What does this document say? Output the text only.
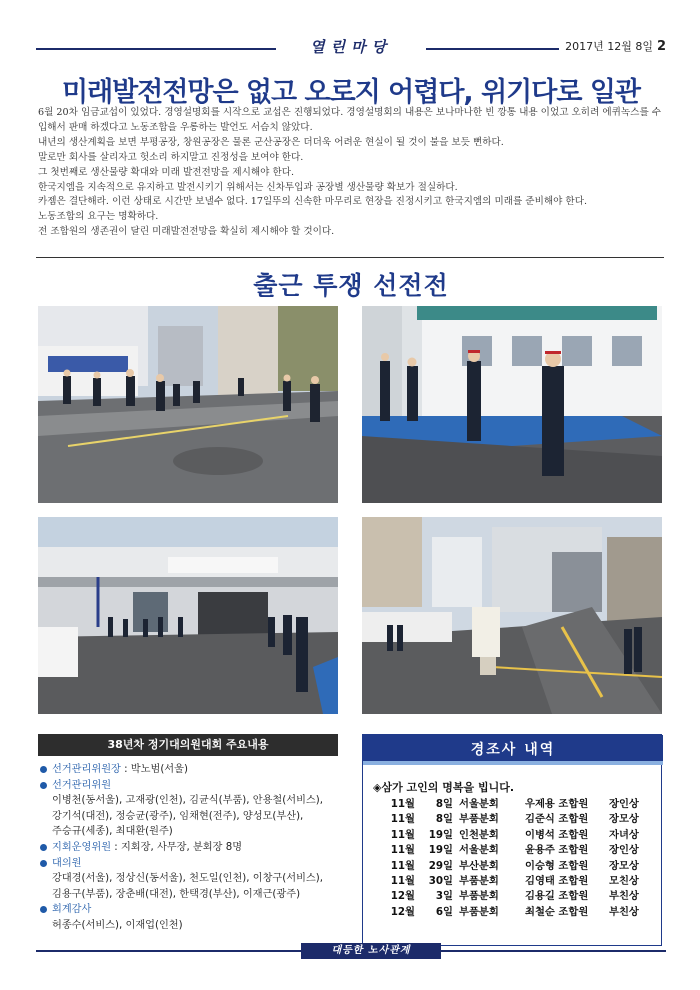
열린마당	2017년 12월 8일 2
미래발전전망은 없고 오로지 어렵다, 위기다로 일관

6월 20차 임금교섭이 있었다. 경영설명회를 시작으로 교섭은 진행되었다. 경영설명회의 내용은 보나마나한 빈 깡통 내용 이었고 오히려 에퀴녹스를 수입해서 판매 하겠다고 노동조합을 우롱하는 발언도 서슴치 않았다.

내년의 생산계획을 보면 부평공장, 창원공장은 물론 군산공장은 더더욱 어려운 현실이 될 것이 불을 보듯 뻔하다.

말로만 회사를 살리자고 헛소리 하지말고 진정성을 보여야 한다.

그 첫번째로 생산물량 확대와 미래 발전전망을 제시해야 한다.

한국지엠을 지속적으로 유지하고 발전시키기 위해서는 신차투입과 공장별 생산물량 확보가 절실하다.

카젬은 결단해라. 이런 상태로 시간만 보낼수 없다. 17일뚜의 신속한 마무리로 현장을 진정시키고 한국지엠의 미래를 준비해야 한다.

노동조합의 요구는 명확하다.

전 조합원의 생존권이 달린 미래발전전망을 확실히 제시해야 할 것이다.

출근 투쟁 선전전
38년차 정기대의원대회 주요내용
선거관리위원장 : 박노범(서울)
선거관리위원
이병천(동서울), 고재광(인천), 김균식(부품), 안용철(서비스),
강기석(대전), 정승균(광주), 임채현(전주), 양성모(부산),
주승규(세종), 최대환(원주)
지회운영위원 : 지회장, 사무장, 분회장 8명
대의원
강대경(서울), 정상신(동서울), 천도일(인천), 이창구(서비스),
김용구(부품), 장춘배(대전), 한택경(부산), 이재근(광주)
회계감사
허종수(서비스), 이재업(인천)
경조사 내역
◈삼가 고인의 명복을 빕니다.
11월 8일 서울분회	우제용 조합원 장인상
11월 8일 부품분회	김준식 조합원 장모상
11월 19일 인천분회	이병석 조합원 자녀상
11월 19일 서울분회	윤용주 조합원 장인상
11월 29일 부산분회	이승형 조합원 장모상
11월 30일 부품분회	김영태 조합원 모친상
12월 3일 부품분회	김용길 조합원 부친상
12월 6일 부품분회	최철순 조합원 부친상
대등한 노사관계
